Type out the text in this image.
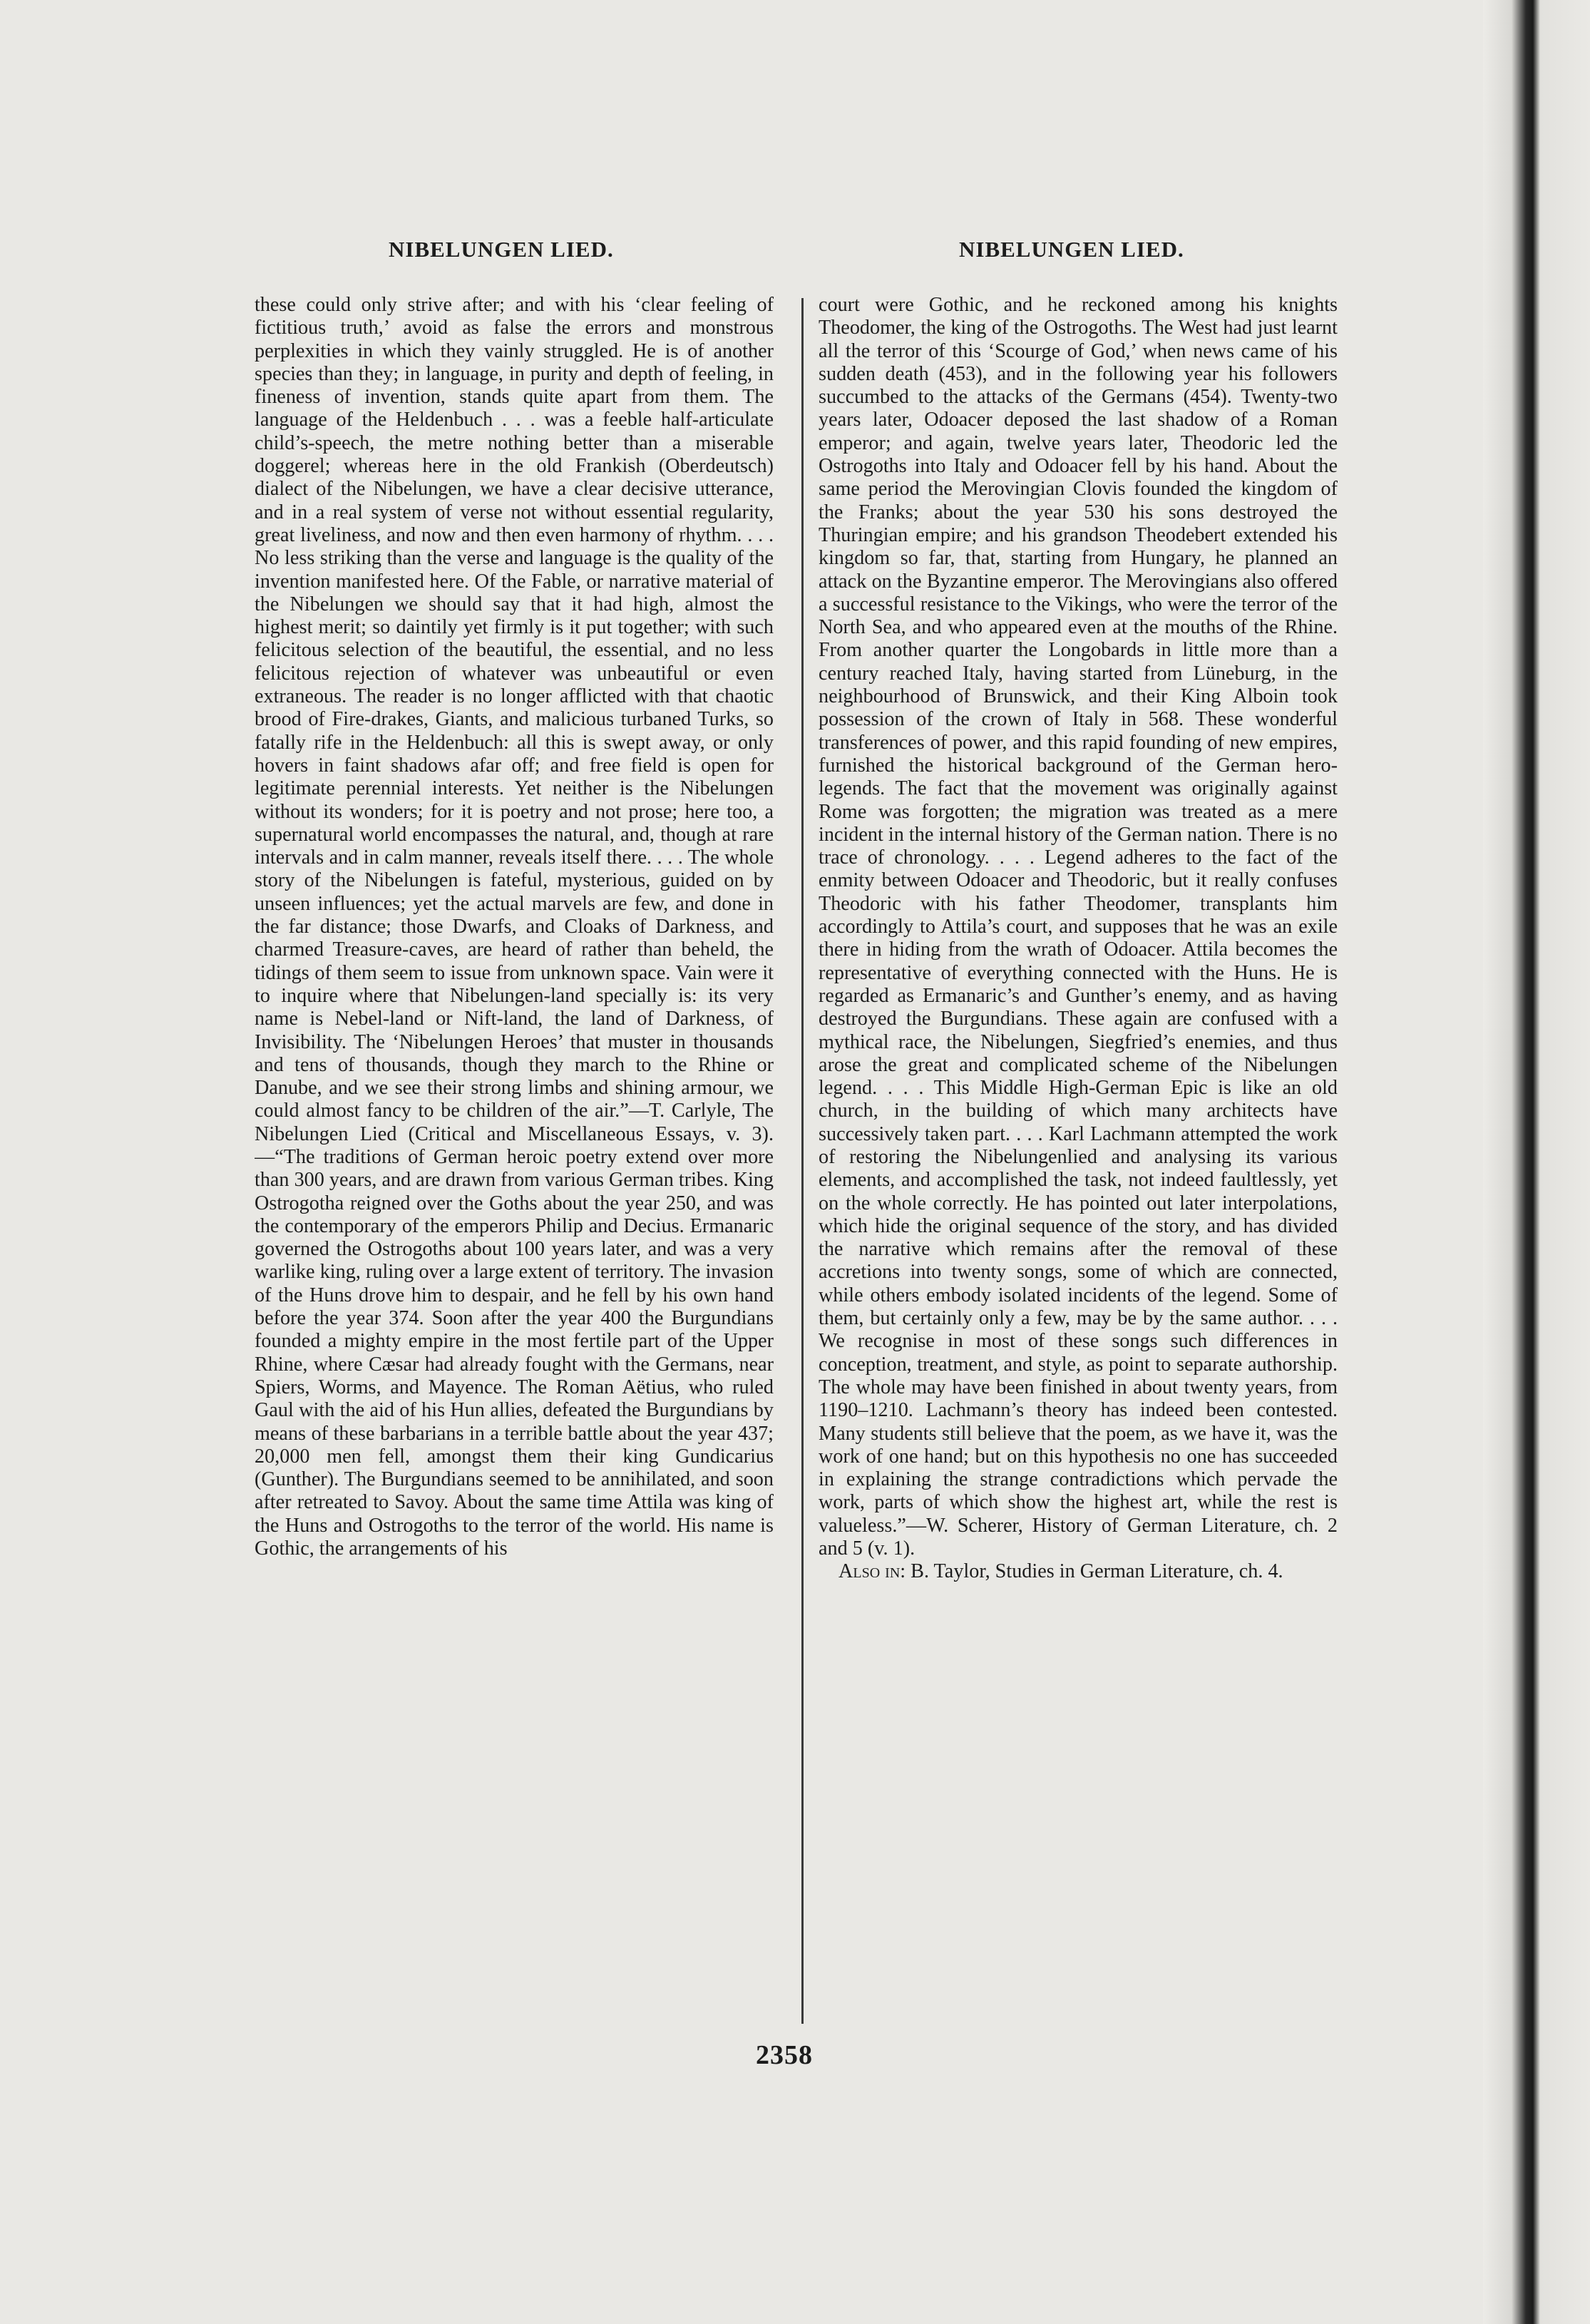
NIBELUNGEN LIED.	NIBELUNGEN LIED.

these could only strive after; and with his ‘clear feeling of fictitious truth,’ avoid as false the errors and monstrous perplexities in which they vainly struggled. He is of another species than they; in language, in purity and depth of feeling, in fineness of invention, stands quite apart from them. The language of the Heldenbuch . . . was a feeble half-articulate child’s-speech, the metre nothing better than a miserable doggerel; whereas here in the old Frankish (Oberdeutsch) dialect of the Nibelungen, we have a clear decisive utterance, and in a real system of verse not without essential regularity, great liveliness, and now and then even harmony of rhythm. . . . No less striking than the verse and language is the quality of the invention manifested here. Of the Fable, or narrative material of the Nibelungen we should say that it had high, almost the highest merit; so daintily yet firmly is it put together; with such felicitous selection of the beautiful, the essential, and no less felicitous rejection of whatever was unbeautiful or even extraneous. The reader is no longer afflicted with that chaotic brood of Fire-drakes, Giants, and malicious turbaned Turks, so fatally rife in the Heldenbuch: all this is swept away, or only hovers in faint shadows afar off; and free field is open for legitimate perennial interests. Yet neither is the Nibelungen without its wonders; for it is poetry and not prose; here too, a supernatural world encompasses the natural, and, though at rare intervals and in calm manner, reveals itself there. . . . The whole story of the Nibelungen is fateful, mysterious, guided on by unseen influences; yet the actual marvels are few, and done in the far distance; those Dwarfs, and Cloaks of Darkness, and charmed Treasure-caves, are heard of rather than beheld, the tidings of them seem to issue from unknown space. Vain were it to inquire where that Nibelungen-land specially is: its very name is Nebel-land or Nift-land, the land of Darkness, of Invisibility. The ‘Nibelungen Heroes’ that muster in thousands and tens of thousands, though they march to the Rhine or Danube, and we see their strong limbs and shining armour, we could almost fancy to be children of the air.”—T. Carlyle, The Nibelungen Lied (Critical and Miscellaneous Essays, v. 3). —“The traditions of German heroic poetry extend over more than 300 years, and are drawn from various German tribes. King Ostrogotha reigned over the Goths about the year 250, and was the contemporary of the emperors Philip and Decius. Ermanaric governed the Ostrogoths about 100 years later, and was a very warlike king, ruling over a large extent of territory. The invasion of the Huns drove him to despair, and he fell by his own hand before the year 374. Soon after the year 400 the Burgundians founded a mighty empire in the most fertile part of the Upper Rhine, where Cæsar had already fought with the Germans, near Spiers, Worms, and Mayence. The Roman Aëtius, who ruled Gaul with the aid of his Hun allies, defeated the Burgundians by means of these barbarians in a terrible battle about the year 437; 20,000 men fell, amongst them their king Gundicarius (Gunther). The Burgundians seemed to be annihilated, and soon after retreated to Savoy. About the same time Attila was king of the Huns and Ostrogoths to the terror of the world. His name is Gothic, the arrangements of his

court were Gothic, and he reckoned among his knights Theodomer, the king of the Ostrogoths. The West had just learnt all the terror of this ‘Scourge of God,’ when news came of his sudden death (453), and in the following year his followers succumbed to the attacks of the Germans (454). Twenty-two years later, Odoacer deposed the last shadow of a Roman emperor; and again, twelve years later, Theodoric led the Ostrogoths into Italy and Odoacer fell by his hand. About the same period the Merovingian Clovis founded the kingdom of the Franks; about the year 530 his sons destroyed the Thuringian empire; and his grandson Theodebert extended his kingdom so far, that, starting from Hungary, he planned an attack on the Byzantine emperor. The Merovingians also offered a successful resistance to the Vikings, who were the terror of the North Sea, and who appeared even at the mouths of the Rhine. From another quarter the Longobards in little more than a century reached Italy, having started from Lüneburg, in the neighbourhood of Brunswick, and their King Alboin took possession of the crown of Italy in 568. These wonderful transferences of power, and this rapid founding of new empires, furnished the historical background of the German hero-legends. The fact that the movement was originally against Rome was forgotten; the migration was treated as a mere incident in the internal history of the German nation. There is no trace of chronology. . . . Legend adheres to the fact of the enmity between Odoacer and Theodoric, but it really confuses Theodoric with his father Theodomer, transplants him accordingly to Attila’s court, and supposes that he was an exile there in hiding from the wrath of Odoacer. Attila becomes the representative of everything connected with the Huns. He is regarded as Ermanaric’s and Gunther’s enemy, and as having destroyed the Burgundians. These again are confused with a mythical race, the Nibelungen, Siegfried’s enemies, and thus arose the great and complicated scheme of the Nibelungen legend. . . . This Middle High-German Epic is like an old church, in the building of which many architects have successively taken part. . . . Karl Lachmann attempted the work of restoring the Nibelungenlied and analysing its various elements, and accomplished the task, not indeed faultlessly, yet on the whole correctly. He has pointed out later interpolations, which hide the original sequence of the story, and has divided the narrative which remains after the removal of these accretions into twenty songs, some of which are connected, while others embody isolated incidents of the legend. Some of them, but certainly only a few, may be by the same author. . . . We recognise in most of these songs such differences in conception, treatment, and style, as point to separate authorship. The whole may have been finished in about twenty years, from 1190–1210. Lachmann’s theory has indeed been contested. Many students still believe that the poem, as we have it, was the work of one hand; but on this hypothesis no one has succeeded in explaining the strange contradictions which pervade the work, parts of which show the highest art, while the rest is valueless.”—W. Scherer, History of German Literature, ch. 2 and 5 (v. 1).

Also in: B. Taylor, Studies in German Literature, ch. 4.

2358
